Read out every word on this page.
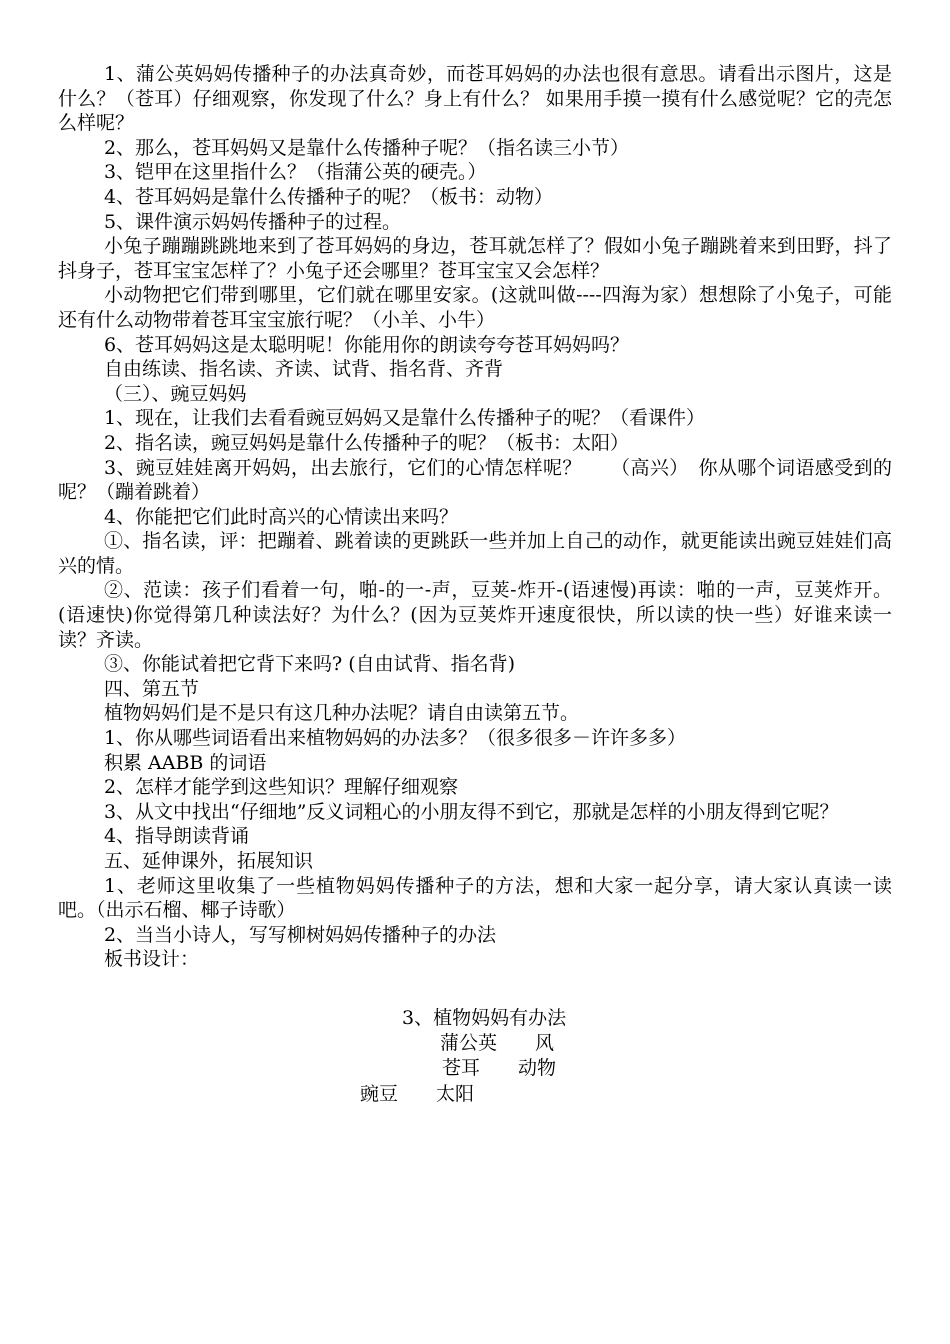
1、蒲公英妈妈传播种子的办法真奇妙，而苍耳妈妈的办法也很有意思。请看出示图片，这是什么？（苍耳）仔细观察，你发现了什么？身上有什么？ 如果用手摸一摸有什么感觉呢？它的壳怎么样呢？

2、那么，苍耳妈妈又是靠什么传播种子呢？（指名读三小节）

3、铠甲在这里指什么？（指蒲公英的硬壳。）

4、苍耳妈妈是靠什么传播种子的呢？（板书：动物）

5、课件演示妈妈传播种子的过程。

小兔子蹦蹦跳跳地来到了苍耳妈妈的身边，苍耳就怎样了？假如小兔子蹦跳着来到田野，抖了抖身子，苍耳宝宝怎样了？小兔子还会哪里？苍耳宝宝又会怎样？

小动物把它们带到哪里，它们就在哪里安家。(这就叫做----四海为家）想想除了小兔子，可能还有什么动物带着苍耳宝宝旅行呢？（小羊、小牛）

6、苍耳妈妈这是太聪明呢！你能用你的朗读夸夸苍耳妈妈吗？

自由练读、指名读、齐读、试背、指名背、齐背

（三）、豌豆妈妈

1、现在，让我们去看看豌豆妈妈又是靠什么传播种子的呢？（看课件）

2、指名读，豌豆妈妈是靠什么传播种子的呢？（板书：太阳）

3、豌豆娃娃离开妈妈，出去旅行，它们的心情怎样呢？　　（高兴）　你从哪个词语感受到的呢？（蹦着跳着）

4、你能把它们此时高兴的心情读出来吗？

①、指名读，评：把蹦着、跳着读的更跳跃一些并加上自己的动作，就更能读出豌豆娃娃们高兴的情。

②、范读：孩子们看着一句，啪-的一-声，豆荚-炸开-(语速慢)再读：啪的一声，豆荚炸开。(语速快)你觉得第几种读法好？为什么？(因为豆荚炸开速度很快，所以读的快一些）好谁来读一读？齐读。

③、你能试着把它背下来吗? (自由试背、指名背)

四、第五节

植物妈妈们是不是只有这几种办法呢？请自由读第五节。

1、你从哪些词语看出来植物妈妈的办法多？（很多很多－许许多多）

积累 AABB 的词语

2、怎样才能学到这些知识？理解仔细观察

3、从文中找出“仔细地”反义词粗心的小朋友得不到它，那就是怎样的小朋友得到它呢？

4、指导朗读背诵

五、延伸课外，拓展知识

1、老师这里收集了一些植物妈妈传播种子的方法，想和大家一起分享，请大家认真读一读吧。（出示石榴、椰子诗歌）

2、当当小诗人，写写柳树妈妈传播种子的办法

板书设计：

3、植物妈妈有办法
蒲公英　　风
苍耳　　动物
豌豆　　太阳
